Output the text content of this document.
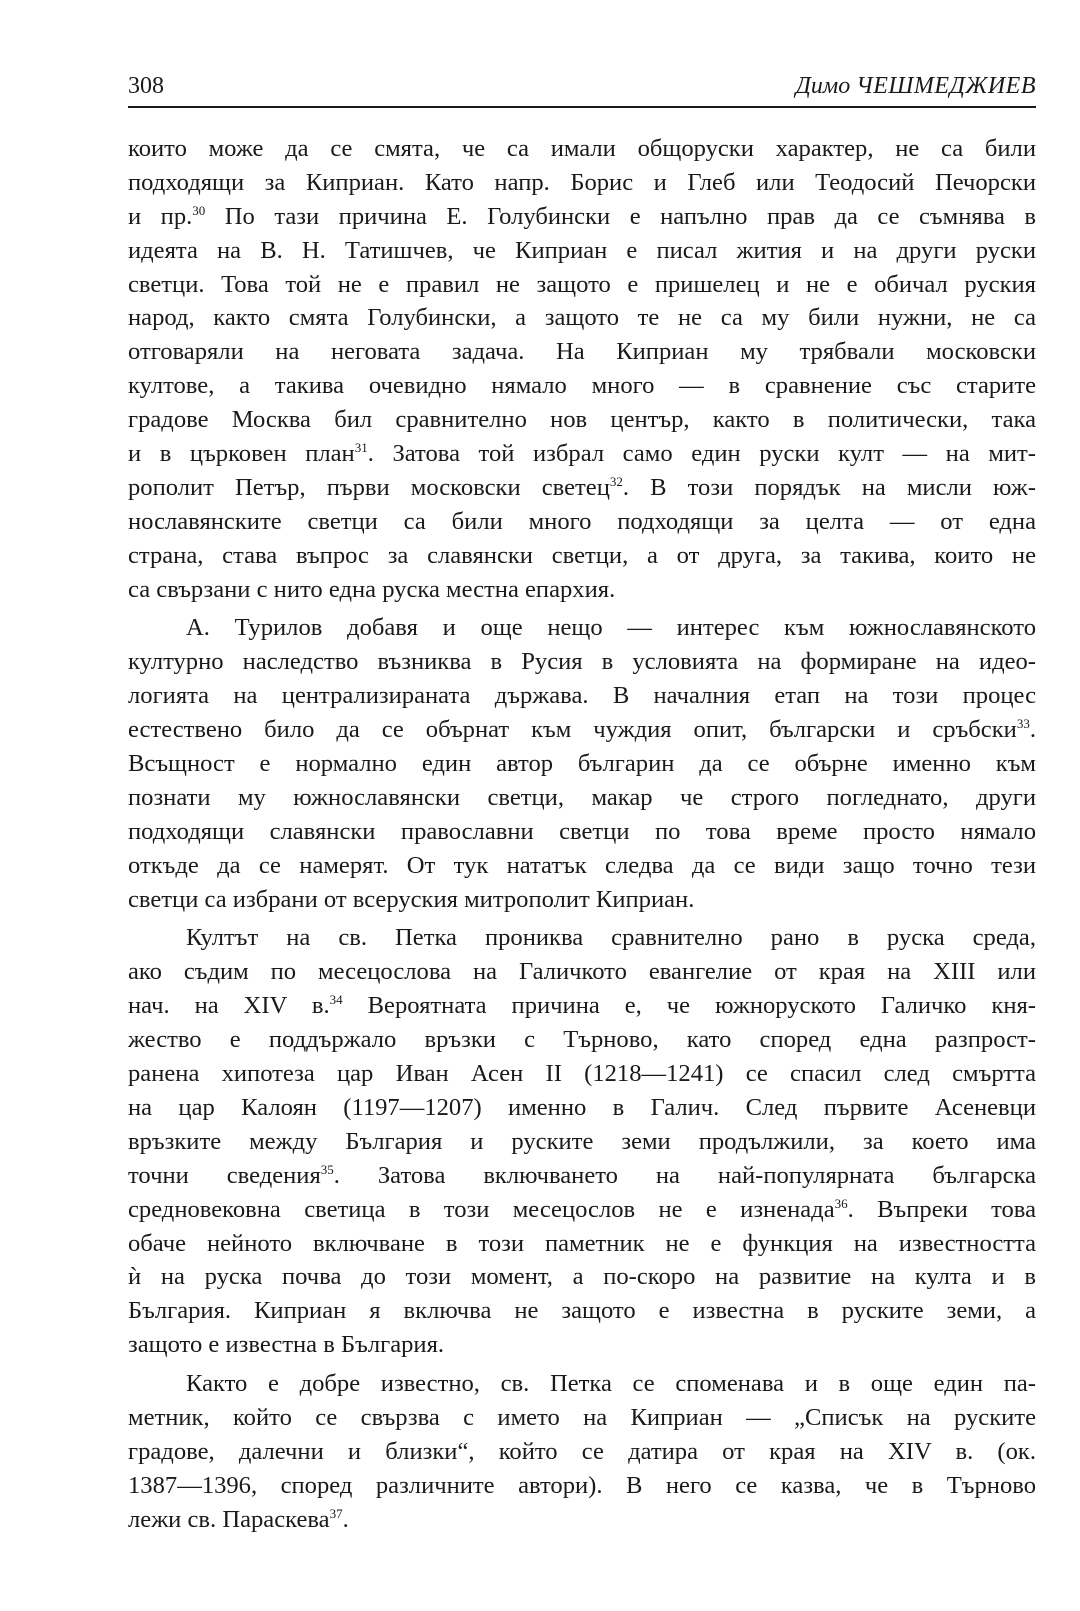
308	Димо ЧЕШМЕДЖИЕВ
които може да се смята, че са имали общоруски характер, не са били
подходящи за Киприан. Като напр. Борис и Глеб или Теодосий Печорски
и пр.$^{30}$ По тази причина Е. Голубински е напълно прав да се съмнява в
идеята на В. Н. Татишчев, че Киприан е писал жития и на други руски
светци. Това той не е правил не защото е пришелец и не е обичал руския
народ, както смята Голубински, а защото те не са му били нужни, не са
отговаряли на неговата задача. На Киприан му трябвали московски
култове, а такива очевидно нямало много — в сравнение със старите
градове Москва бил сравнително нов център, както в политически, така
и в църковен план$^{31}$. Затова той избрал само един руски култ — на мит-
рополит Петър, първи московски светец$^{32}$. В този порядък на мисли юж-
нославянските светци са били много подходящи за целта — от една
страна, става въпрос за славянски светци, а от друга, за такива, които не
са свързани с нито една руска местна епархия.
А. Турилов добавя и още нещо — интерес към южнославянското
културно наследство възниква в Русия в условията на формиране на идео-
логията на централизираната държава. В началния етап на този процес
естествено било да се обърнат към чуждия опит, български и сръбски$^{33}$.
Всъщност е нормално един автор българин да се обърне именно към
познати му южнославянски светци, макар че строго погледнато, други
подходящи славянски православни светци по това време просто нямало
откъде да се намерят. От тук нататък следва да се види защо точно тези
светци са избрани от всеруския митрополит Киприан.
Култът на св. Петка прониква сравнително рано в руска среда,
ако съдим по месецослова на Галичкото евангелие от края на XIII или
нач. на XIV в.$^{34}$ Вероятната причина е, че южноруското Галичко кня-
жество е поддържало връзки с Търново, като според една разпрост-
ранена хипотеза цар Иван Асен II (1218—1241) се спасил след смъртта
на цар Калоян (1197—1207) именно в Галич. След първите Асеневци
връзките между България и руските земи продължили, за което има
точни сведения$^{35}$. Затова включването на най-популярната българска
средновековна светица в този месецослов не е изненада$^{36}$. Въпреки това
обаче нейното включване в този паметник не е функция на известността
ѝ на руска почва до този момент, а по-скоро на развитие на култа и в
България. Киприан я включва не защото е известна в руските земи, а
защото е известна в България.
Както е добре известно, св. Петка се споменава и в още един па-
метник, който се свързва с името на Киприан — „Списък на руските
градове, далечни и близки“, който се датира от края на XIV в. (ок.
1387—1396, според различните автори). В него се казва, че в Търново
лежи св. Параскева$^{37}$.
